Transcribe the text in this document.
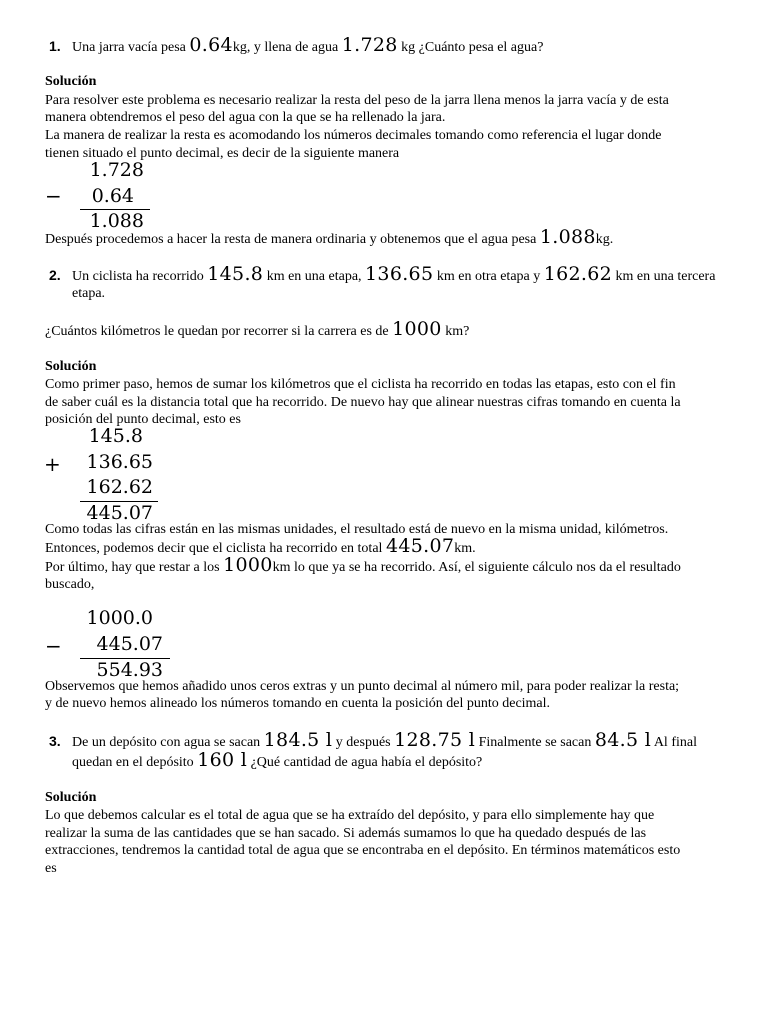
1. Una jarra vacía pesa 0.64kg, y llena de agua 1.728 kg ¿Cuánto pesa el agua?
Solución
Para resolver este problema es necesario realizar la resta del peso de la jarra llena menos la jarra vacía y de esta
manera obtendremos el peso del agua con la que se ha rellenado la jara.
La manera de realizar la resta es acomodando los números decimales tomando como referencia el lugar donde
tienen situado el punto decimal, es decir de la siguiente manera
−
1.728
0.64
1.088
Después procedemos a hacer la resta de manera ordinaria y obtenemos que el agua pesa 1.088kg.
2. Un ciclista ha recorrido 145.8 km en una etapa, 136.65 km en otra etapa y 162.62 km en una tercera
etapa.
¿Cuántos kilómetros le quedan por recorrer si la carrera es de 1000 km?
Solución
Como primer paso, hemos de sumar los kilómetros que el ciclista ha recorrido en todas las etapas, esto con el fin
de saber cuál es la distancia total que ha recorrido. De nuevo hay que alinear nuestras cifras tomando en cuenta la
posición del punto decimal, esto es
+
145.8
136.65
162.62
445.07
Como todas las cifras están en las mismas unidades, el resultado está de nuevo en la misma unidad, kilómetros.
Entonces, podemos decir que el ciclista ha recorrido en total 445.07km.
Por último, hay que restar a los 1000km lo que ya se ha recorrido. Así, el siguiente cálculo nos da el resultado
buscado,
−
1000.0
445.07
554.93
Observemos que hemos añadido unos ceros extras y un punto decimal al número mil, para poder realizar la resta;
y de nuevo hemos alineado los números tomando en cuenta la posición del punto decimal.
3. De un depósito con agua se sacan 184.5 l y después 128.75 l Finalmente se sacan 84.5 l Al final
quedan en el depósito 160 l ¿Qué cantidad de agua había el depósito?
Solución
Lo que debemos calcular es el total de agua que se ha extraído del depósito, y para ello simplemente hay que
realizar la suma de las cantidades que se han sacado. Si además sumamos lo que ha quedado después de las
extracciones, tendremos la cantidad total de agua que se encontraba en el depósito. En términos matemáticos esto
es
